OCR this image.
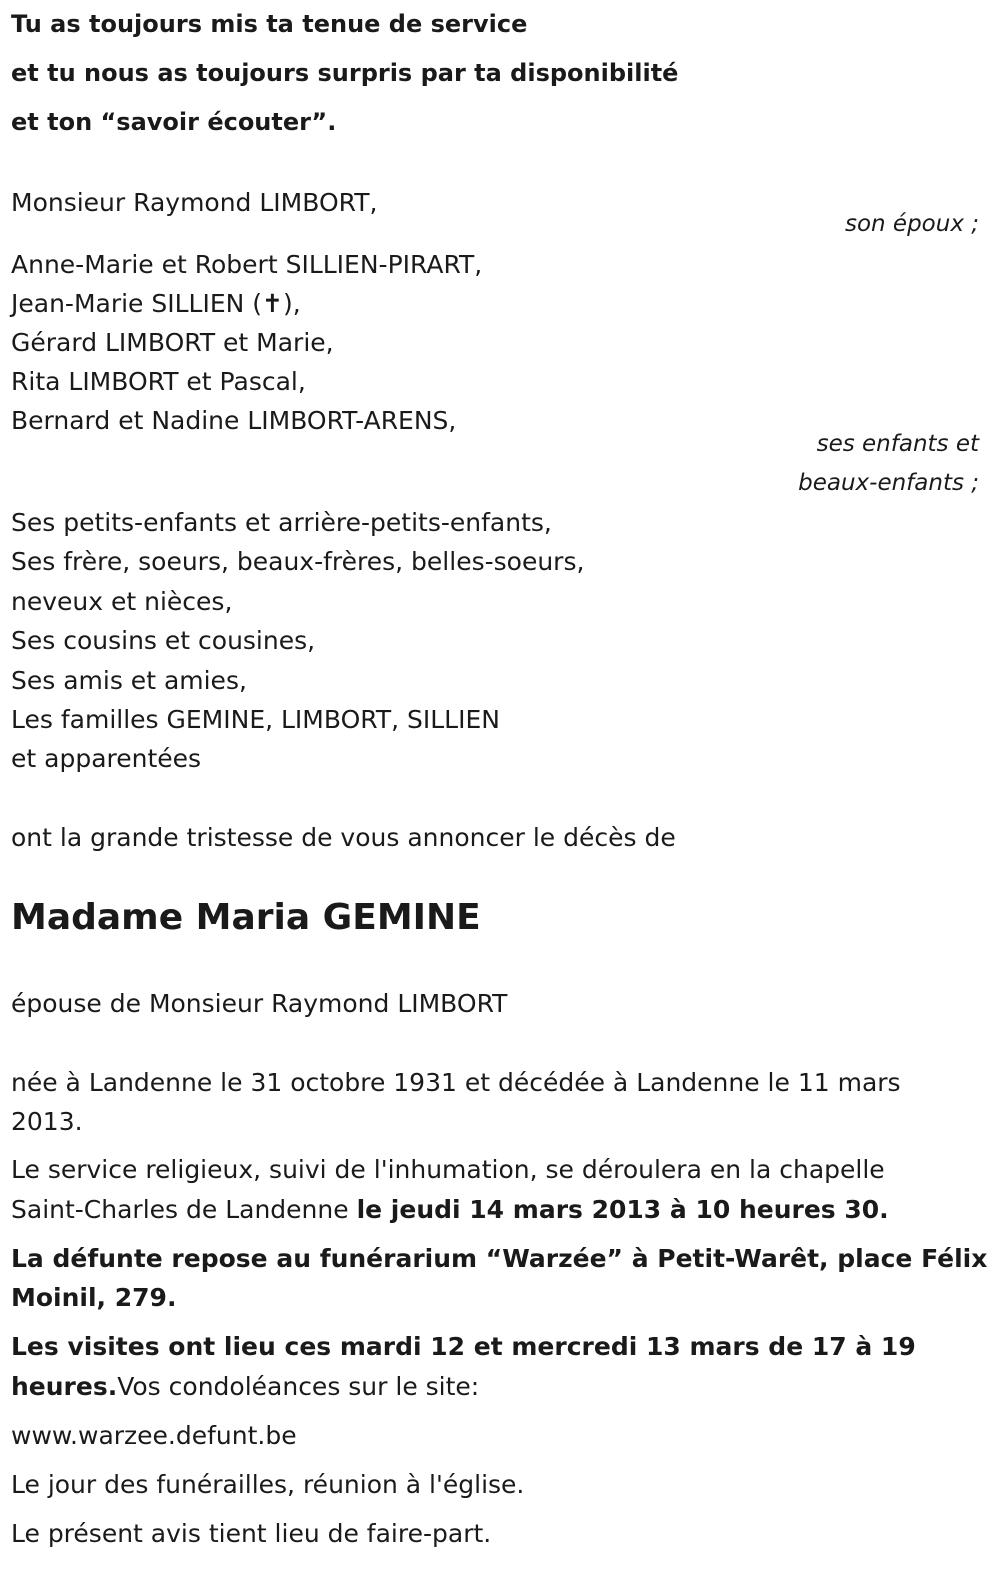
Tu as toujours mis ta tenue de service
et tu nous as toujours surpris par ta disponibilité
et ton “savoir écouter”.
Monsieur Raymond LIMBORT,
son époux ;
Anne-Marie et Robert SILLIEN-PIRART,
Jean-Marie SILLIEN (✝),
Gérard LIMBORT et Marie,
Rita LIMBORT et Pascal,
Bernard et Nadine LIMBORT-ARENS,
ses enfants et
beaux-enfants ;
Ses petits-enfants et arrière-petits-enfants,
Ses frère, soeurs, beaux-frères, belles-soeurs,
neveux et nièces,
Ses cousins et cousines,
Ses amis et amies,
Les familles GEMINE, LIMBORT, SILLIEN
et apparentées
ont la grande tristesse de vous annoncer le décès de
Madame Maria GEMINE
épouse de Monsieur Raymond LIMBORT
née à Landenne le 31 octobre 1931 et décédée à Landenne le 11 mars
2013.
Le service religieux, suivi de l'inhumation, se déroulera en la chapelle
Saint-Charles de Landenne le jeudi 14 mars 2013 à 10 heures 30.
La défunte repose au funérarium “Warzée” à Petit-Warêt, place Félix
Moinil, 279.
Les visites ont lieu ces mardi 12 et mercredi 13 mars de 17 à 19
heures.Vos condoléances sur le site:
www.warzee.defunt.be
Le jour des funérailles, réunion à l'église.
Le présent avis tient lieu de faire-part.
